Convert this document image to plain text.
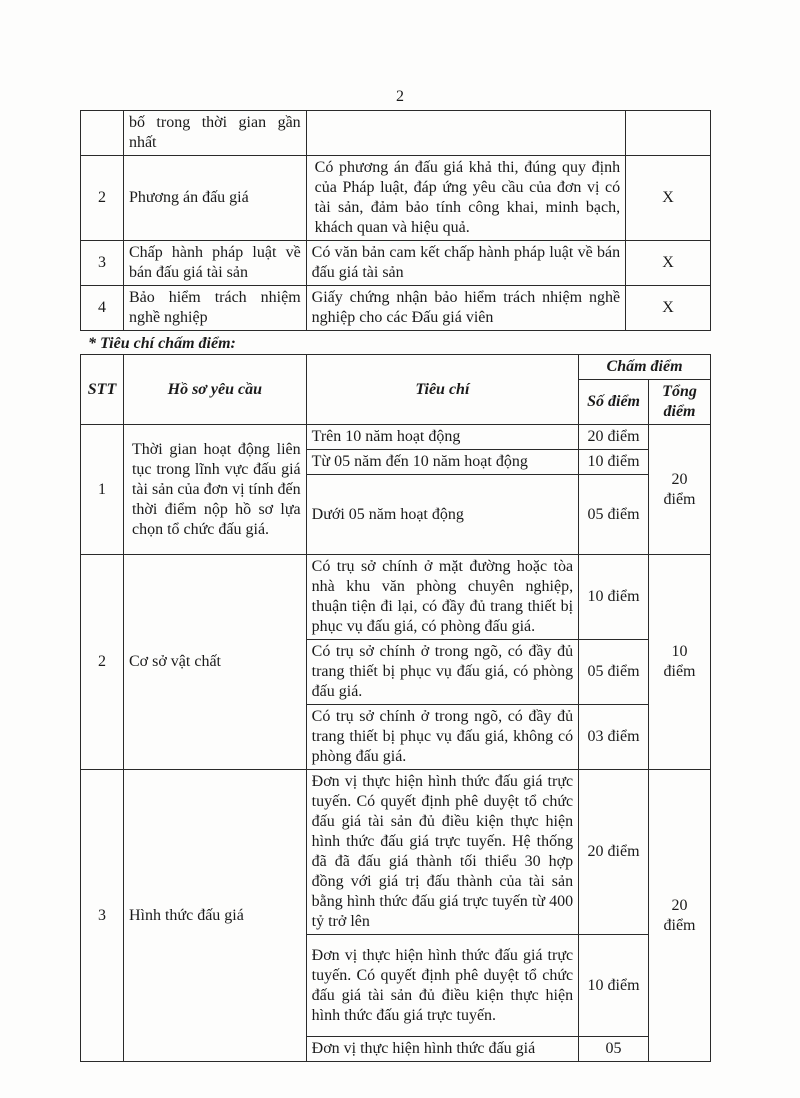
2
	bố trong thời gian gần nhất		
2	Phương án đấu giá	Có phương án đấu giá khả thi, đúng quy định của Pháp luật, đáp ứng yêu cầu của đơn vị có tài sản, đảm bảo tính công khai, minh bạch, khách quan và hiệu quả.	X
3	Chấp hành pháp luật về bán đấu giá tài sản	Có văn bản cam kết chấp hành pháp luật về bán đấu giá tài sản	X
4	Bảo hiểm trách nhiệm nghề nghiệp	Giấy chứng nhận bảo hiểm trách nhiệm nghề nghiệp cho các Đấu giá viên	X
* Tiêu chí chấm điểm:
STT	Hồ sơ yêu cầu	Tiêu chí	Chấm điểm	
			Số điểm	Tổng điểm
1	Thời gian hoạt động liên tục trong lĩnh vực đấu giá tài sản của đơn vị tính đến thời điểm nộp hồ sơ lựa chọn tổ chức đấu giá.	Trên 10 năm hoạt động	20 điểm	20 điểm
		Từ 05 năm đến 10 năm hoạt động	10 điểm	
		Dưới 05 năm hoạt động	05 điểm	
2	Cơ sở vật chất	Có trụ sở chính ở mặt đường hoặc tòa nhà khu văn phòng chuyên nghiệp, thuận tiện đi lại, có đầy đủ trang thiết bị phục vụ đấu giá, có phòng đấu giá.	10 điểm	10 điểm
		Có trụ sở chính ở trong ngõ, có đầy đủ trang thiết bị phục vụ đấu giá, có phòng đấu giá.	05 điểm	
		Có trụ sở chính ở trong ngõ, có đầy đủ trang thiết bị phục vụ đấu giá, không có phòng đấu giá.	03 điểm	
3	Hình thức đấu giá	Đơn vị thực hiện hình thức đấu giá trực tuyến. Có quyết định phê duyệt tổ chức đấu giá tài sản đủ điều kiện thực hiện hình thức đấu giá trực tuyến. Hệ thống đã đã đấu giá thành tối thiểu 30 hợp đồng với giá trị đấu thành của tài sản bằng hình thức đấu giá trực tuyến từ 400 tỷ trở lên	20 điểm	20 điểm
		Đơn vị thực hiện hình thức đấu giá trực tuyến. Có quyết định phê duyệt tổ chức đấu giá tài sản đủ điều kiện thực hiện hình thức đấu giá trực tuyến.	10 điểm	
		Đơn vị thực hiện hình thức đấu giá	05	
